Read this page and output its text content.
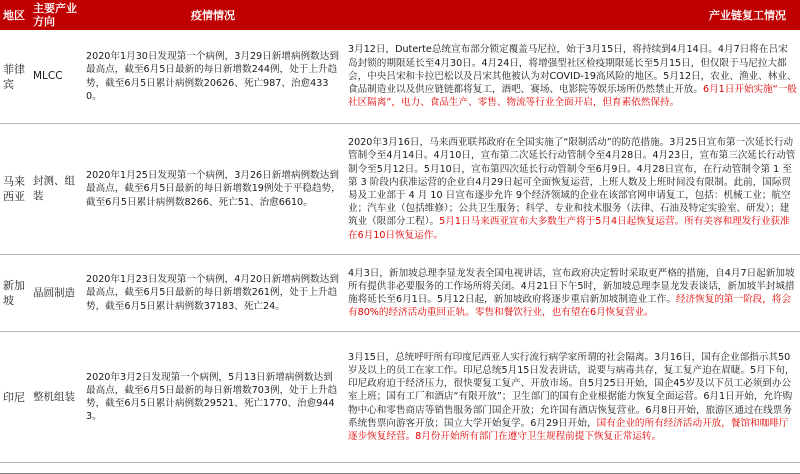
地区	主要产业方向	疫情情况	产业链复工情况
菲律宾	MLCC	2020年1月30日发现第一个病例，3月29日新增病例数达到最高点，截至6月5日最新的每日新增数244例，处于上升趋势，截至6月5日累计病例数20626、死亡987、治愈4330。	3月12日，Duterte总统宣布部分锁定覆盖马尼拉，始于3月15日，将持续到4月14日。4月7日将在吕宋岛封锁的期限延长至4月30日。4月24日，将增强型社区检疫期限延长至5月15日，但仅限于马尼拉大都会，中央吕宋和卡拉巴松以及吕宋其他被认为对COVID-19高风险的地区。5月12日，农业、渔业、林业、食品制造业以及供应链链都将复工，酒吧、赛场、电影院等娱乐场所仍然禁止开放。6月1日开始实施“一般社区隔离”，电力、食品生产、零售、物流等行业全面开启，但育素依然保持。
马来西亚	封测、组装	2020年1月25日发现第一个病例，3月26日新增病例数达到最高点，截至6月5日最新的每日新增数19例处于平稳趋势，截至6月5日累计病例数8266、死亡51、治愈6610。	2020年3月16日，马来西亚联邦政府在全国实施了“限制活动”的防范措施。3月25日宣布第一次延长行动管制令至4月14日。4月10日，宣布第二次延长行动管制令至4月28日。4月23日，宣布第三次延长行动管制令至5月12日。5月10日，宣布第四次延长行动管制令至6月9日。4月28日宣布，在行动管制令第 1 至第 3 阶段内获准运营的企业自4月29日起可全面恢复运营，上班人数及上班时间没有限制。此前，国际贸易及工业部于 4 月 10 日宣布逐步允许 9个经济领域的企业在该部官网申请复工，包括：机械工业；航空业；汽车业（包括维修）；公共卫生服务；科学、专业和技术服务（法律、石油及特定实验室、研发）；建筑业（限部分工程）。5月1日马来西亚宣布大多数生产将于5月4日起恢复运营。所有美容和理发行业获准在6月10日恢复运作。
新加坡	晶圆制造	2020年1月23日发现第一个病例，4月20日新增病例数达到最高点，截至6月5日最新的每日新增数261例，处于上升趋势，截至6月5日累计病例数37183、死亡24。	4月3日，新加坡总理李显龙发表全国电视讲话，宣布政府决定暂时采取更严格的措施，自4月7日起新加坡所有提供非必要服务的工作场所将关闭。4月21日下午5时，新加坡总理李显龙发表谈话，新加坡半封城措施将延长至6月1日。5月12日起，新加坡政府将逐步重启新加坡制造业工作。经济恢复的第一阶段，将会有80%的经济活动重回正轨。零售和餐饮行业，也有望在6月恢复营业。
印尼	整机组装	2020年3月2日发现第一个病例，5月13日新增病例数达到最高点，截至6月5日最新的每日新增数703例，处于上升趋势，截至6月5日累计病例数29521、死亡1770、治愈9443。	3月15日，总统呼吁所有印度尼西亚人实行流行病学家所谓的社会隔离。3月16日，国有企业部指示其50岁及以上的员工在家工作。印尼总统5月15日发表讲话，说要与病毒共存，复工复产迫在眉睫。5月下旬，印尼政府迫于经济压力，很快要复工复产、开放市场。自5月25日开始，国企45岁及以下员工必须到办公室上班；国有工厂和酒店“有限开放”；卫生部门的国有企业根据能力恢复全面运营。6月1日开始，允许购物中心和零售商店等销售服务部门国企开放；允许国有酒店恢复营业。6月8日开始，旅游区通过在线票务系统售票向游客开放；国立大学开始复学。6月29日开始，国有企业的所有经济活动开放，餐馆和咖啡厅逐步恢复经营。8月份开始所有部门在遵守卫生规程前提下恢复正常运转。
